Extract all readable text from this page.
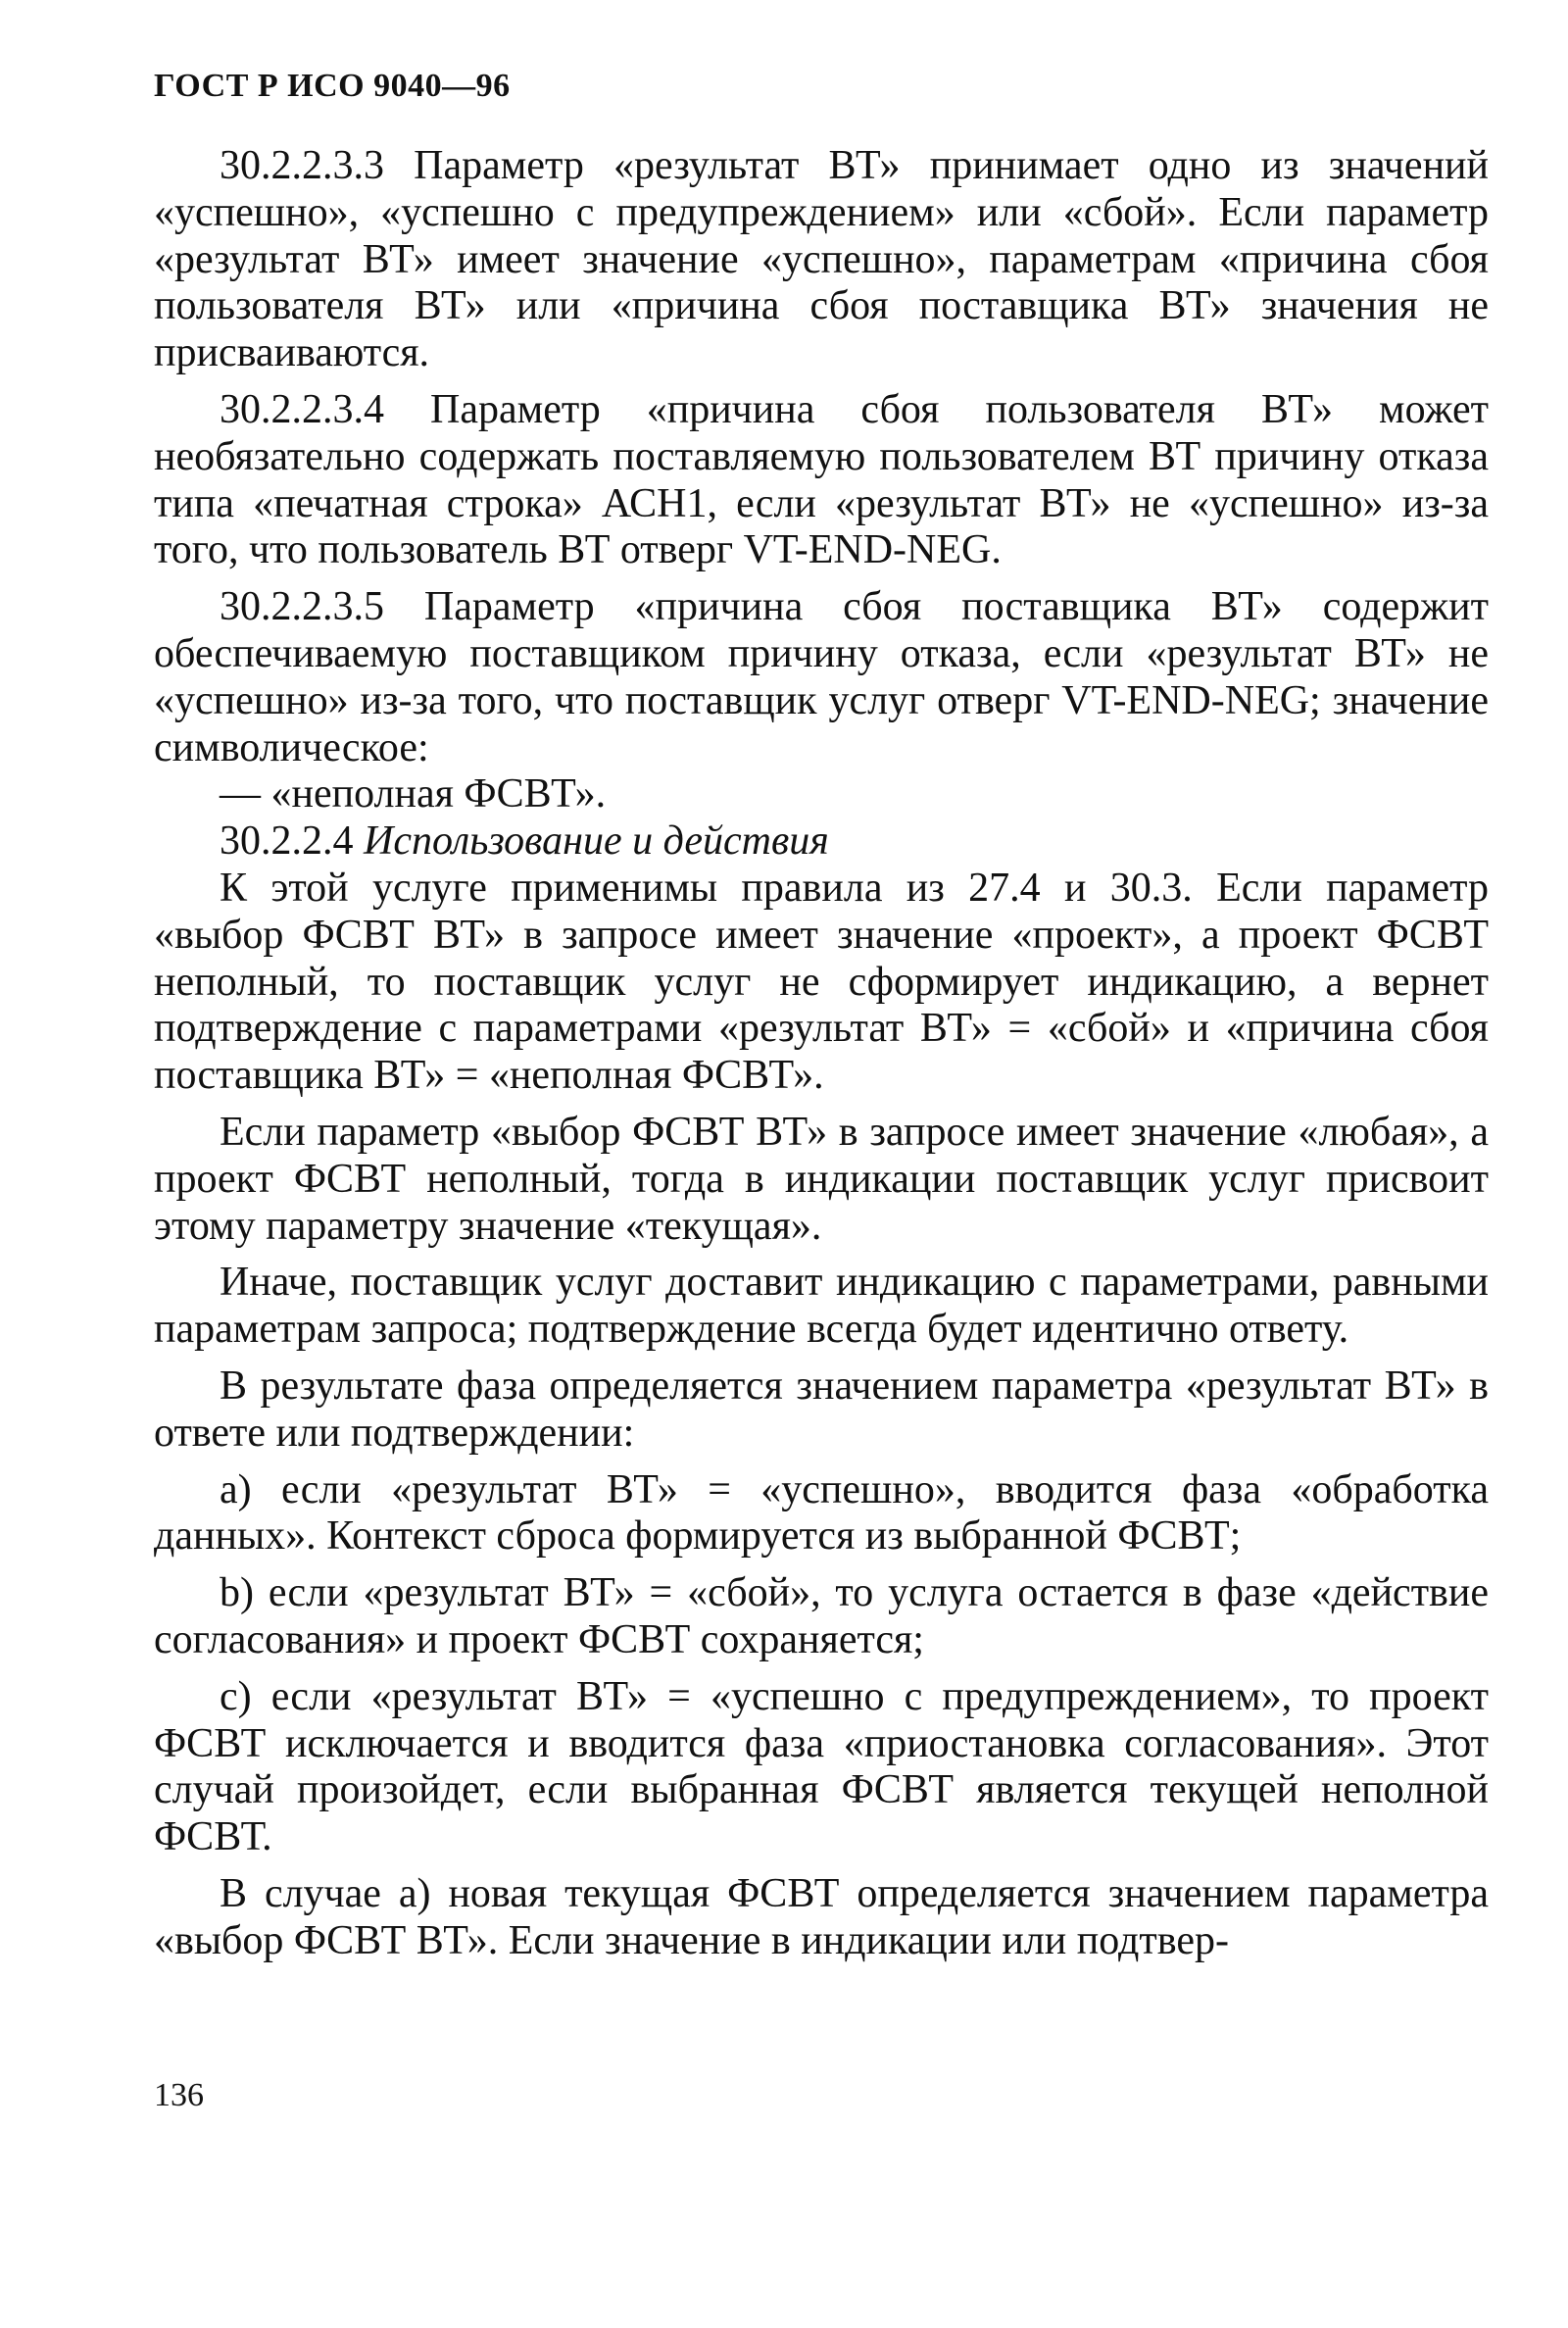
ГОСТ Р ИСО 9040—96

30.2.2.3.3 Параметр «результат ВТ» принимает одно из значений «успешно», «успешно с предупреждением» или «сбой». Если параметр «результат ВТ» имеет значение «успешно», параметрам «причина сбоя пользователя ВТ» или «причина сбоя поставщика ВТ» значения не присваиваются.

30.2.2.3.4 Параметр «причина сбоя пользователя ВТ» может необязательно содержать поставляемую пользователем ВТ причину отказа типа «печатная строка» АСН1, если «результат ВТ» не «успешно» из-за того, что пользователь ВТ отверг VT-END-NEG.

30.2.2.3.5 Параметр «причина сбоя поставщика ВТ» содержит обеспечиваемую поставщиком причину отказа, если «результат ВТ» не «успешно» из-за того, что поставщик услуг отверг VT-END-NEG; значение символическое:

— «неполная ФСВТ».

30.2.2.4 Использование и действия

К этой услуге применимы правила из 27.4 и 30.3. Если параметр «выбор ФСВТ ВТ» в запросе имеет значение «проект», а проект ФСВТ неполный, то поставщик услуг не сформирует индикацию, а вернет подтверждение с параметрами «результат ВТ» = «сбой» и «причина сбоя поставщика ВТ» = «неполная ФСВТ».

Если параметр «выбор ФСВТ ВТ» в запросе имеет значение «любая», а проект ФСВТ неполный, тогда в индикации поставщик услуг присвоит этому параметру значение «текущая».

Иначе, поставщик услуг доставит индикацию с параметрами, равными параметрам запроса; подтверждение всегда будет идентично ответу.

В результате фаза определяется значением параметра «результат ВТ» в ответе или подтверждении:

a) если «результат ВТ» = «успешно», вводится фаза «обработка данных». Контекст сброса формируется из выбранной ФСВТ;

b) если «результат ВТ» = «сбой», то услуга остается в фазе «действие согласования» и проект ФСВТ сохраняется;

c) если «результат ВТ» = «успешно с предупреждением», то проект ФСВТ исключается и вводится фаза «приостановка согласования». Этот случай произойдет, если выбранная ФСВТ является текущей неполной ФСВТ.

В случае а) новая текущая ФСВТ определяется значением параметра «выбор ФСВТ ВТ». Если значение в индикации или подтвер-

136
